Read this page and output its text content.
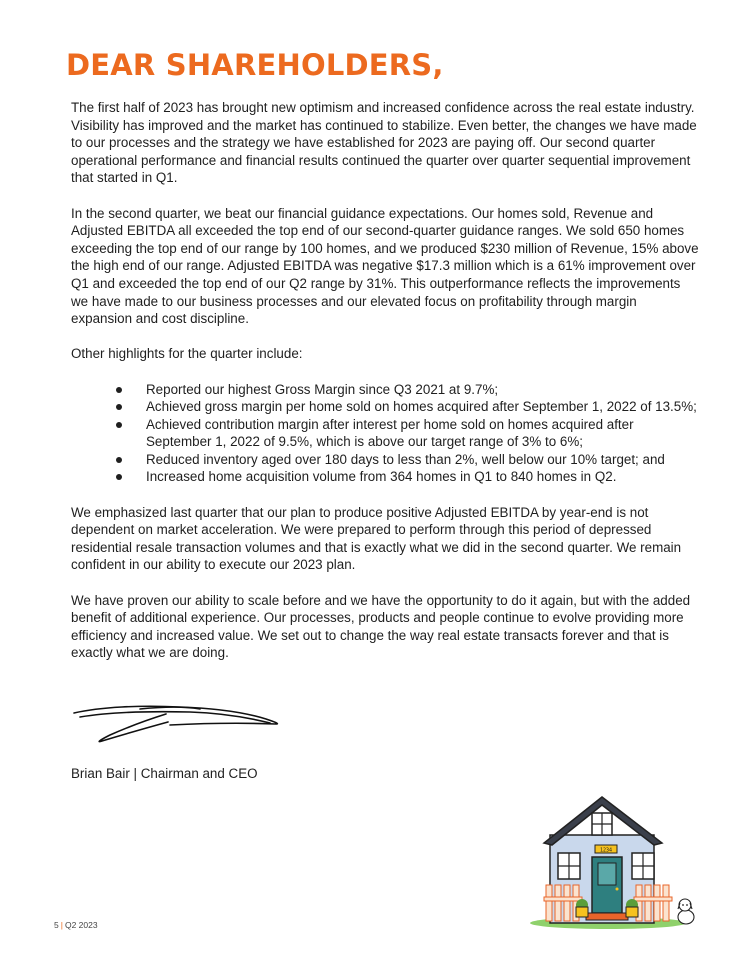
DEAR SHAREHOLDERS,

The first half of 2023 has brought new optimism and increased confidence across the real estate industry. Visibility has improved and the market has continued to stabilize. Even better, the changes we have made to our processes and the strategy we have established for 2023 are paying off. Our second quarter operational performance and financial results continued the quarter over quarter sequential improvement that started in Q1.

In the second quarter, we beat our financial guidance expectations. Our homes sold, Revenue and Adjusted EBITDA all exceeded the top end of our second-quarter guidance ranges. We sold 650 homes exceeding the top end of our range by 100 homes, and we produced $230 million of Revenue, 15% above the high end of our range. Adjusted EBITDA was negative $17.3 million which is a 61% improvement over Q1 and exceeded the top end of our Q2 range by 31%. This outperformance reflects the improvements we have made to our business processes and our elevated focus on profitability through margin expansion and cost discipline.

Other highlights for the quarter include:

Reported our highest Gross Margin since Q3 2021 at 9.7%;
Achieved gross margin per home sold on homes acquired after September 1, 2022 of 13.5%;
Achieved contribution margin after interest per home sold on homes acquired after September 1, 2022 of 9.5%, which is above our target range of 3% to 6%;
Reduced inventory aged over 180 days to less than 2%, well below our 10% target; and
Increased home acquisition volume from 364 homes in Q1 to 840 homes in Q2.

We emphasized last quarter that our plan to produce positive Adjusted EBITDA by year-end is not dependent on market acceleration. We were prepared to perform through this period of depressed residential resale transaction volumes and that is exactly what we did in the second quarter. We remain confident in our ability to execute our 2023 plan.

We have proven our ability to scale before and we have the opportunity to do it again, but with the added benefit of additional experience. Our processes, products and people continue to evolve providing more efficiency and increased value. We set out to change the way real estate transacts forever and that is exactly what we are doing.

Brian Bair | Chairman and CEO
1234
5 | Q2 2023
